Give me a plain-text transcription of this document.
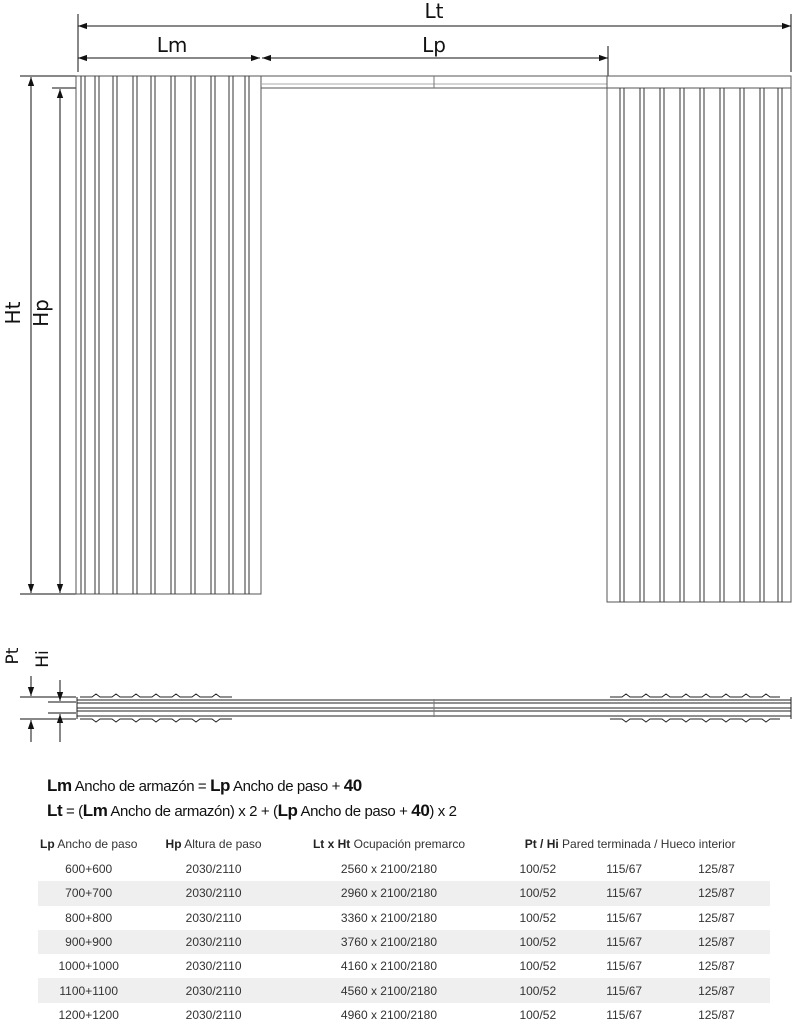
Lt
Lm	Lp
Ht Hp
Pt Hi
Lm Ancho de armazón = Lp Ancho de paso + 40
Lt = (Lm Ancho de armazón) x 2 + (Lp Ancho de paso + 40) x 2
Lp Ancho de paso	Hp Altura de paso	Lt x Ht Ocupación premarco	Pt / Hi Pared terminada / Hueco interior		
600+600	2030/2110	2560 x 2100/2180	100/52	115/67	125/87
700+700	2030/2110	2960 x 2100/2180	100/52	115/67	125/87
800+800	2030/2110	3360 x 2100/2180	100/52	115/67	125/87
900+900	2030/2110	3760 x 2100/2180	100/52	115/67	125/87
1000+1000	2030/2110	4160 x 2100/2180	100/52	115/67	125/87
1100+1100	2030/2110	4560 x 2100/2180	100/52	115/67	125/87
1200+1200	2030/2110	4960 x 2100/2180	100/52	115/67	125/87
